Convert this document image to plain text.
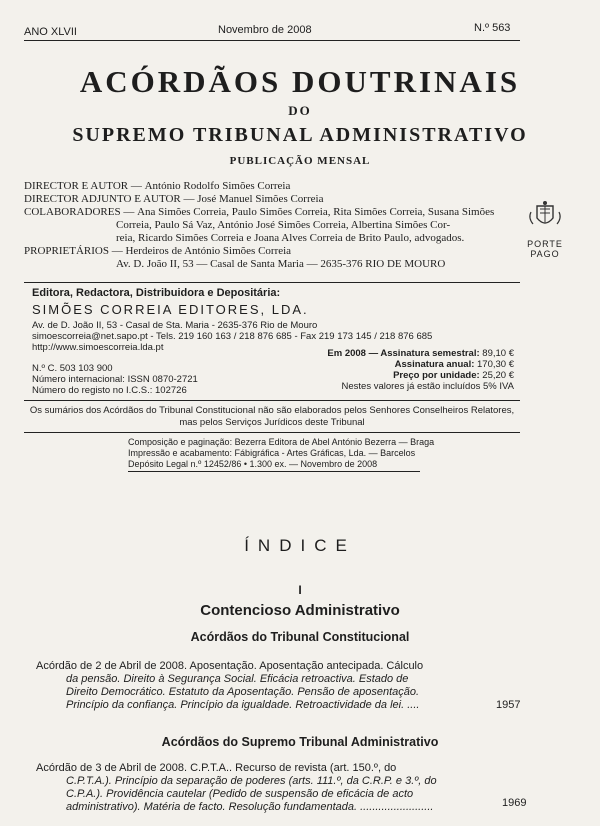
ANO XLVII	Novembro de 2008	N.º 563
ACÓRDÃOS DOUTRINAIS
DO
SUPREMO TRIBUNAL ADMINISTRATIVO
PUBLICAÇÃO MENSAL
DIRECTOR E AUTOR —
António Rodolfo Simões Correia
DIRECTOR ADJUNTO E AUTOR —
José Manuel Simões Correia
COLABORADORES —
Ana Simões Correia, Paulo Simões Correia, Rita Simões Correia, Susana Simões
Correia, Paulo Sá Vaz, António José Simões Correia, Albertina Simões Cor-
reia, Ricardo Simões Correia e Joana Alves Correia de Brito Paulo, advogados.
PROPRIETÁRIOS —
Herdeiros de António Simões Correia
Av. D. João II, 53 — Casal de Santa Maria — 2635-376 RIO DE MOURO
PORTE
PAGO
Editora, Redactora, Distribuidora e Depositária:
SIMÕES CORREIA EDITORES, LDA.
Av. de D. João II, 53 - Casal de Sta. Maria - 2635-376 Rio de Mouro
simoescorreia@net.sapo.pt - Tels. 219 160 163 / 218 876 685 - Fax 219 173 145 / 218 876 685
http://www.simoescorreia.lda.pt
N.º C. 503 103 900
Número internacional: ISSN 0870-2721
Número do registo no I.C.S.: 102726
Em 2008 — Assinatura semestral: 89,10 €
Assinatura anual: 170,30 €
Preço por unidade: 25,20 €
Nestes valores já estão incluídos 5% IVA
Os sumários dos Acórdãos do Tribunal Constitucional não são elaborados pelos Senhores Conselheiros Relatores,
mas pelos Serviços Jurídicos deste Tribunal
Composição e paginação: Bezerra Editora de Abel António Bezerra — Braga
Impressão e acabamento: Fábigráfica - Artes Gráficas, Lda. — Barcelos
Depósito Legal n.º 12452/86 • 1.300 ex. — Novembro de 2008
ÍNDICE
I
Contencioso Administrativo
Acórdãos do Tribunal Constitucional
Acórdão de 2 de Abril de 2008. Aposentação. Aposentação antecipada. Cálculo
da pensão. Direito à Segurança Social. Eficácia retroactiva. Estado de
Direito Democrático. Estatuto da Aposentação. Pensão de aposentação.
Princípio da confiança. Princípio da igualdade. Retroactividade da lei. ....	1957
Acórdãos do Supremo Tribunal Administrativo
Acórdão de 3 de Abril de 2008. C.P.T.A.. Recurso de revista (art. 150.º, do
C.P.T.A.). Princípio da separação de poderes (arts. 111.º, da C.R.P. e 3.º, do
C.P.A.). Providência cautelar (Pedido de suspensão de eficácia de acto
administrativo). Matéria de facto. Resolução fundamentada. ........................	1969
